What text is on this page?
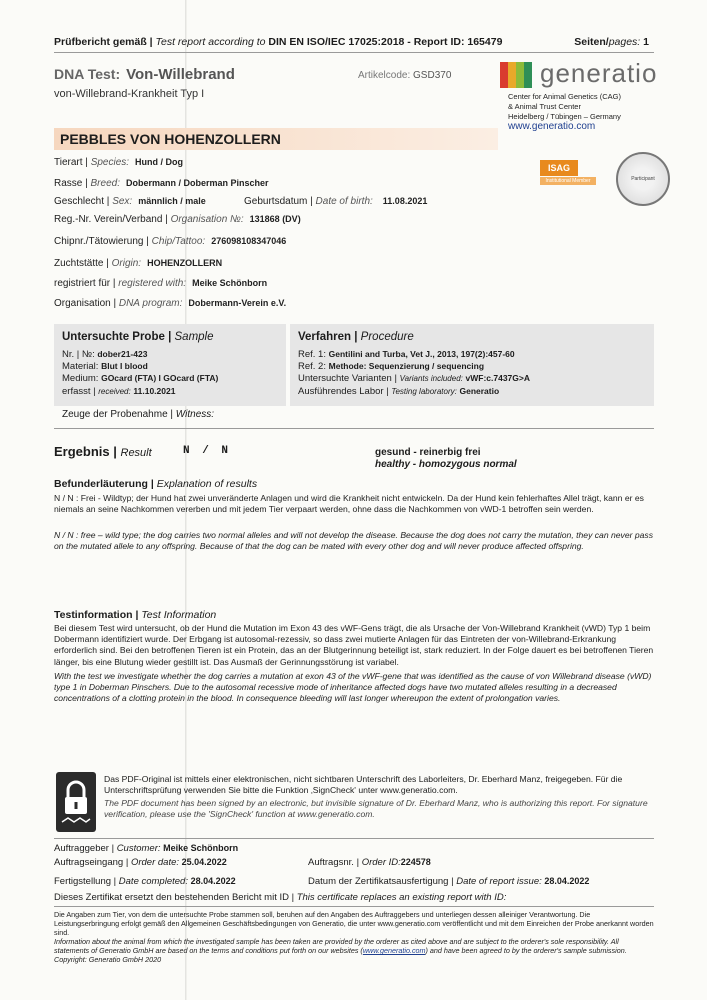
Prüfbericht gemäß | Test report according to DIN EN ISO/IEC 17025:2018 - Report ID: 165479	Seiten/pages: 1
DNA Test: Von-Willebrand
von-Willebrand-Krankheit Typ I
Artikelcode: GSD370	generatio
Center for Animal Genetics (CAG)
& Animal Trust Center
Heidelberg / Tübingen – Germany
www.generatio.com
PEBBLES VON HOHENZOLLERN
ISAG
Institutional Member	Participant
Tierart | Species: Hund / Dog
Rasse | Breed: Dobermann / Doberman Pinscher
Geschlecht | Sex: männlich / male	Geburtsdatum | Date of birth: 11.08.2021
Reg.-Nr. Verein/Verband | Organisation №: 131868 (DV)
Chipnr./Tätowierung | Chip/Tattoo: 276098108347046
Zuchtstätte | Origin: HOHENZOLLERN
registriert für | registered with: Meike Schönborn
Organisation | DNA program: Dobermann-Verein e.V.
Untersuchte Probe | Sample
Nr. | №: dober21-423
Material: Blut I blood
Medium: GOcard (FTA) I GOcard (FTA)
erfasst | received: 11.10.2021
Verfahren | Procedure
Ref. 1: Gentilini and Turba, Vet J., 2013, 197(2):457-60
Ref. 2: Methode: Sequenzierung / sequencing
Untersuchte Varianten | Variants included: vWF:c.7437G>A
Ausführendes Labor | Testing laboratory: Generatio
Zeuge der Probenahme | Witness:
Ergebnis | Result	N / N	gesund - reinerbig frei
healthy - homozygous normal
Befunderläuterung | Explanation of results
N / N : Frei - Wildtyp; der Hund hat zwei unveränderte Anlagen und wird die Krankheit nicht entwickeln. Da der Hund kein fehlerhaftes Allel trägt, kann er es niemals an seine Nachkommen vererben und mit jedem Tier verpaart werden, ohne dass die Nachkommen von vWD-1 betroffen sein werden.
N / N : free – wild type; the dog carries two normal alleles and will not develop the disease. Because the dog does not carry the mutation, they can never pass on the mutated allele to any offspring. Because of that the dog can be mated with every other dog and will never produce affected offspring.
Testinformation | Test Information
Bei diesem Test wird untersucht, ob der Hund die Mutation im Exon 43 des vWF-Gens trägt, die als Ursache der Von-Willebrand Krankheit (vWD) Typ 1 beim Dobermann identifiziert wurde. Der Erbgang ist autosomal-rezessiv, so dass zwei mutierte Anlagen für das Eintreten der von-Willebrand-Erkrankung erforderlich sind. Bei den betroffenen Tieren ist ein Protein, das an der Blutgerinnung beteiligt ist, stark reduziert. In der Folge dauert es bei betroffenen Tieren länger, bis eine Blutung wieder gestillt ist. Das Ausmaß der Gerinnungsstörung ist variabel.
With the test we investigate whether the dog carries a mutation at exon 43 of the vWF-gene that was identified as the cause of von Willebrand disease (vWD) type 1 in Doberman Pinschers. Due to the autosomal recessive mode of inheritance affected dogs have two mutated alleles resulting in a decreased concentrations of a clotting protein in the blood. In consequence bleeding will last longer whereupon the extent of prolongation varies.
Das PDF-Original ist mittels einer elektronischen, nicht sichtbaren Unterschrift des Laborleiters, Dr. Eberhard Manz, freigegeben. Für die Unterschriftsprüfung verwenden Sie bitte die Funktion ‚SignCheck' unter www.generatio.com.
The PDF document has been signed by an electronic, but invisible signature of Dr. Eberhard Manz, who is authorizing this report. For signature verification, please use the 'SignCheck' function at www.generatio.com.
Auftraggeber | Customer: Meike Schönborn
Auftragseingang | Order date: 25.04.2022	Auftragsnr. | Order ID:224578
Fertigstellung | Date completed: 28.04.2022	Datum der Zertifikatsausfertigung | Date of report issue: 28.04.2022
Dieses Zertifikat ersetzt den bestehenden Bericht mit ID | This certificate replaces an existing report with ID:
Die Angaben zum Tier, von dem die untersuchte Probe stammen soll, beruhen auf den Angaben des Auftraggebers und unterliegen dessen alleiniger Verantwortung. Die Leistungserbringung erfolgt gemäß den Allgemeinen Geschäftsbedingungen von Generatio, die unter www.generatio.com veröffentlicht und mit dem Einreichen der Probe anerkannt worden sind.
Information about the animal from which the investigated sample has been taken are provided by the orderer as cited above and are subject to the orderer's sole responsibility. All statements of Generatio GmbH are based on the terms and conditions put forth on our websites (www.generatio.com) and have been agreed to by the orderer's sample submission. Copyright: Generatio GmbH 2020
